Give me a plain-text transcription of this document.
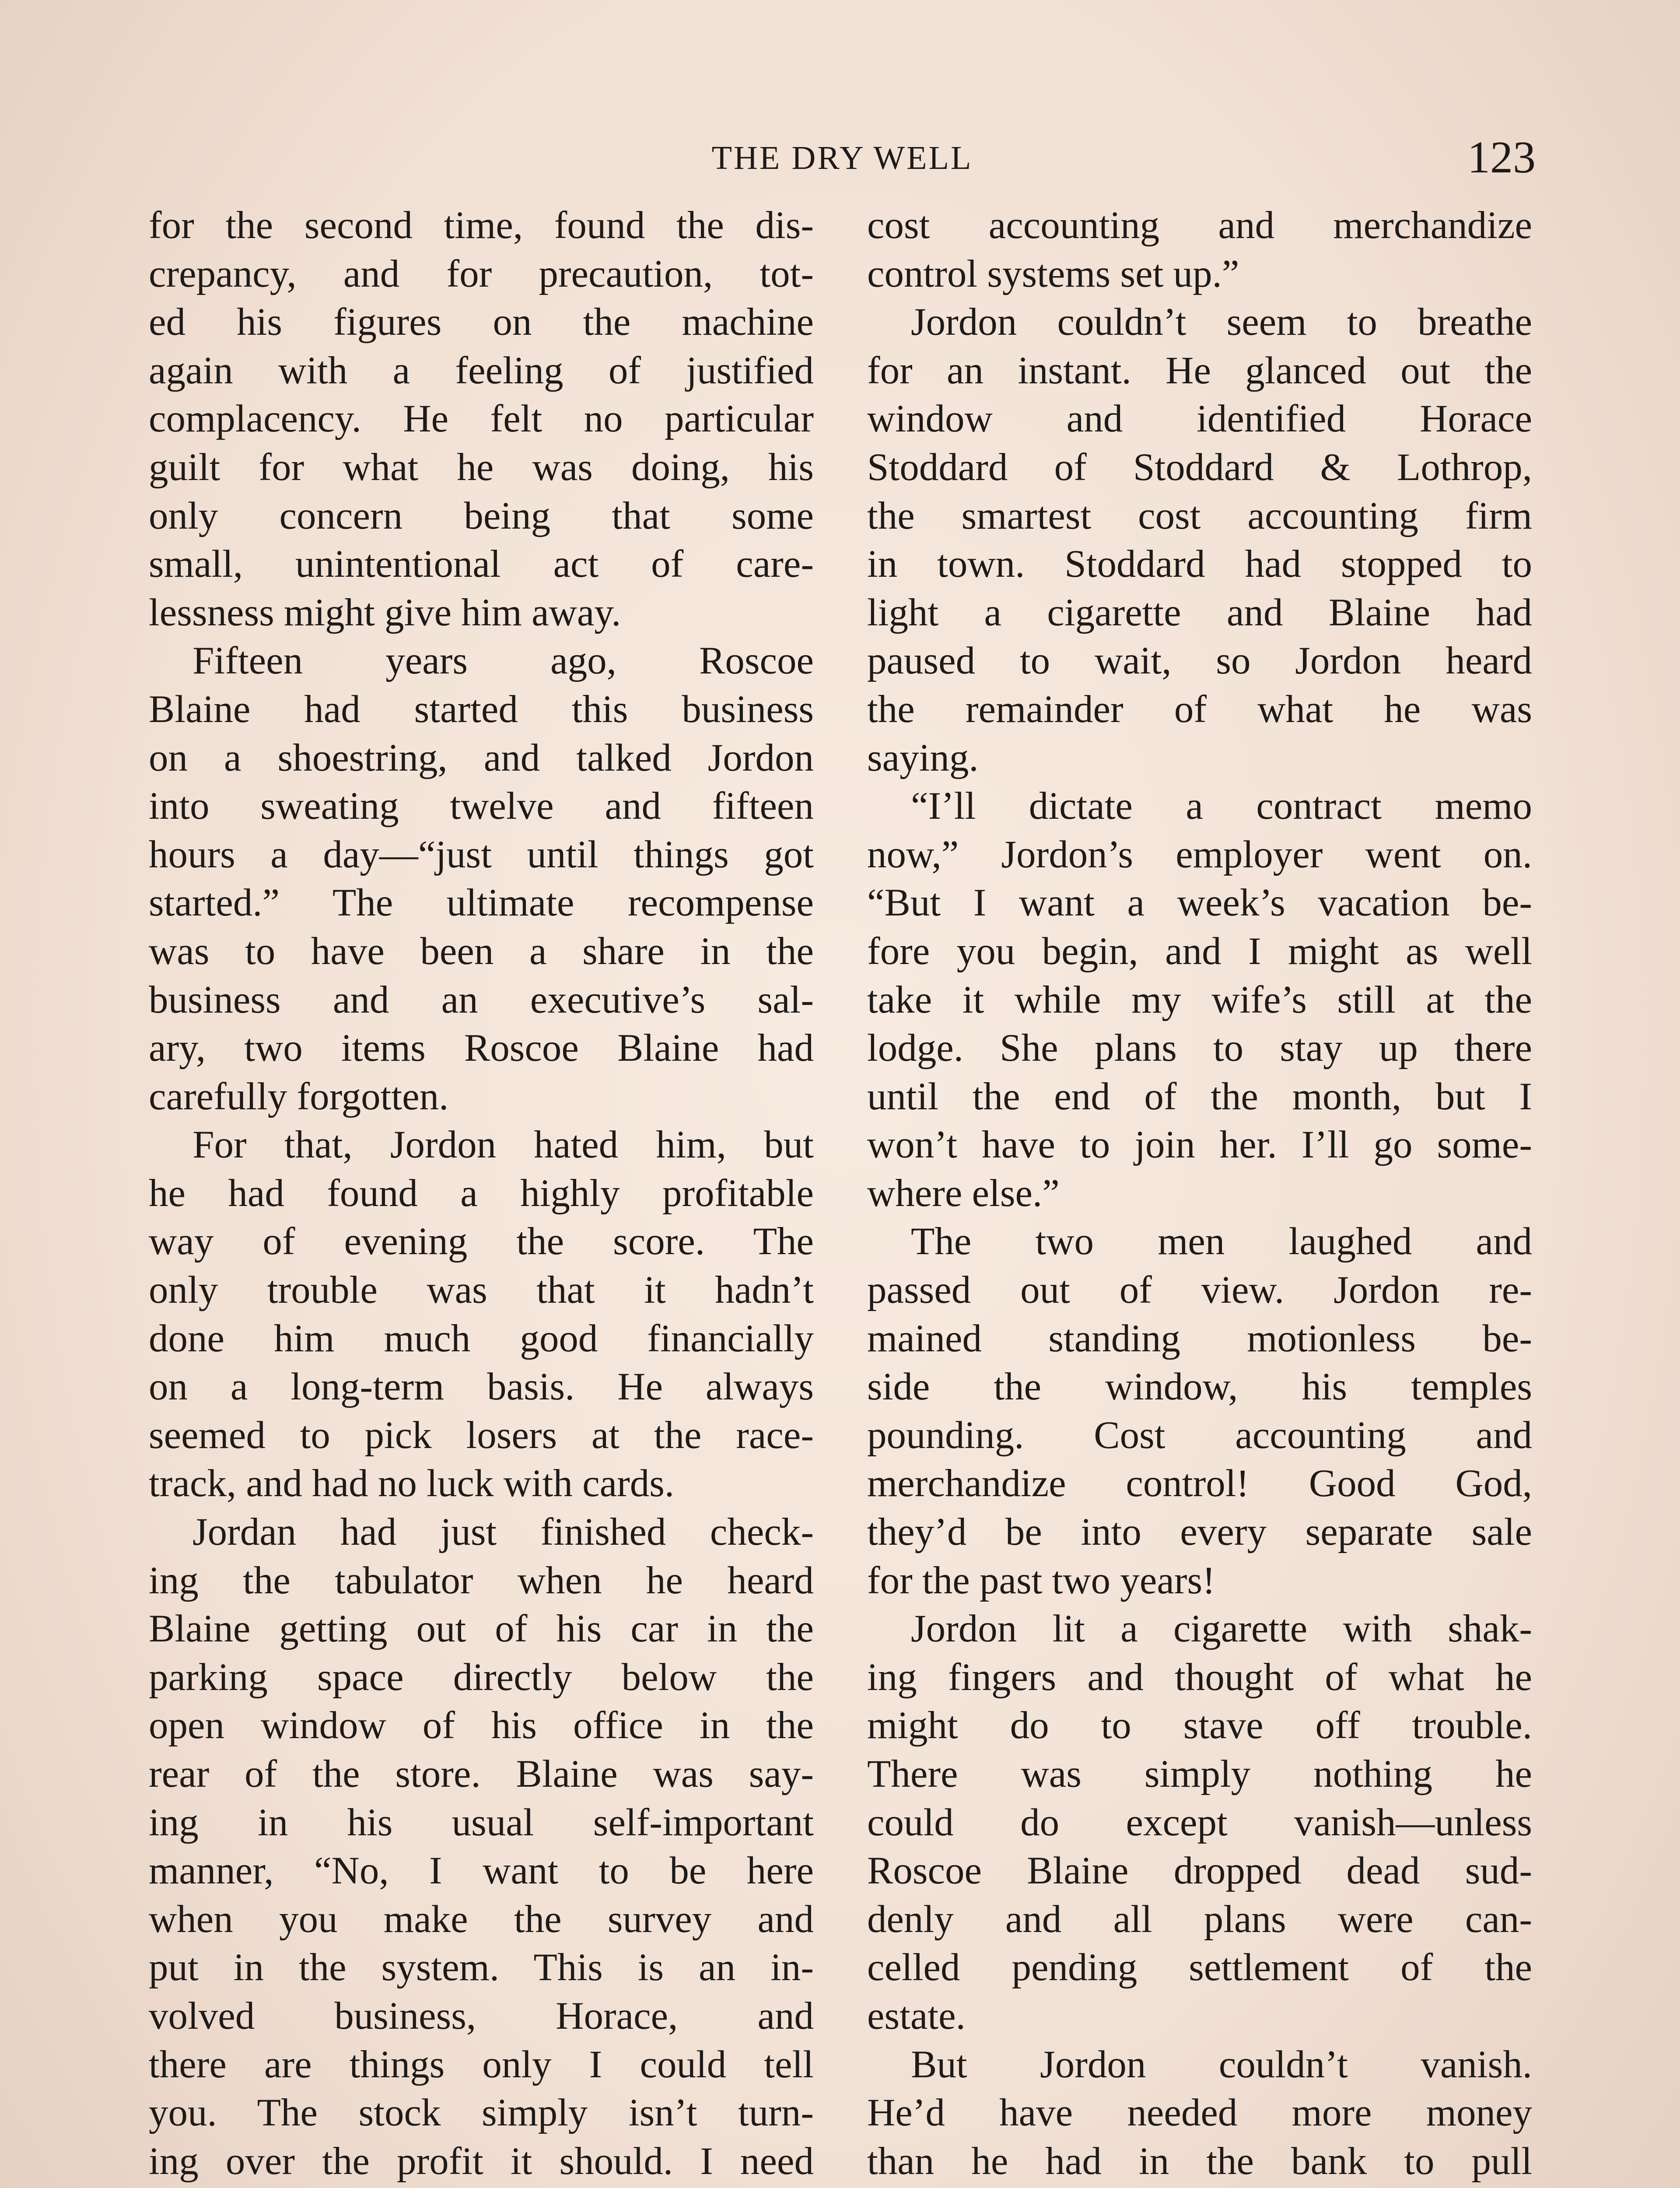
THE DRY WELL	123
for the second time, found the dis-
crepancy, and for precaution, tot-
ed his figures on the machine
again with a feeling of justified
complacency. He felt no particular
guilt for what he was doing, his
only concern being that some
small, unintentional act of care-
lessness might give him away.
Fifteen years ago, Roscoe
Blaine had started this business
on a shoestring, and talked Jordon
into sweating twelve and fifteen
hours a day—“just until things got
started.” The ultimate recompense
was to have been a share in the
business and an executive’s sal-
ary, two items Roscoe Blaine had
carefully forgotten.
For that, Jordon hated him, but
he had found a highly profitable
way of evening the score. The
only trouble was that it hadn’t
done him much good financially
on a long-term basis. He always
seemed to pick losers at the race-
track, and had no luck with cards.
Jordan had just finished check-
ing the tabulator when he heard
Blaine getting out of his car in the
parking space directly below the
open window of his office in the
rear of the store. Blaine was say-
ing in his usual self-important
manner, “No, I want to be here
when you make the survey and
put in the system. This is an in-
volved business, Horace, and
there are things only I could tell
you. The stock simply isn’t turn-
ing over the profit it should. I need
cost accounting and merchandize
control systems set up.”
Jordon couldn’t seem to breathe
for an instant. He glanced out the
window and identified Horace
Stoddard of Stoddard & Lothrop,
the smartest cost accounting firm
in town. Stoddard had stopped to
light a cigarette and Blaine had
paused to wait, so Jordon heard
the remainder of what he was
saying.
“I’ll dictate a contract memo
now,” Jordon’s employer went on.
“But I want a week’s vacation be-
fore you begin, and I might as well
take it while my wife’s still at the
lodge. She plans to stay up there
until the end of the month, but I
won’t have to join her. I’ll go some-
where else.”
The two men laughed and
passed out of view. Jordon re-
mained standing motionless be-
side the window, his temples
pounding. Cost accounting and
merchandize control! Good God,
they’d be into every separate sale
for the past two years!
Jordon lit a cigarette with shak-
ing fingers and thought of what he
might do to stave off trouble.
There was simply nothing he
could do except vanish—unless
Roscoe Blaine dropped dead sud-
denly and all plans were can-
celled pending settlement of the
estate.
But Jordon couldn’t vanish.
He’d have needed more money
than he had in the bank to pull
